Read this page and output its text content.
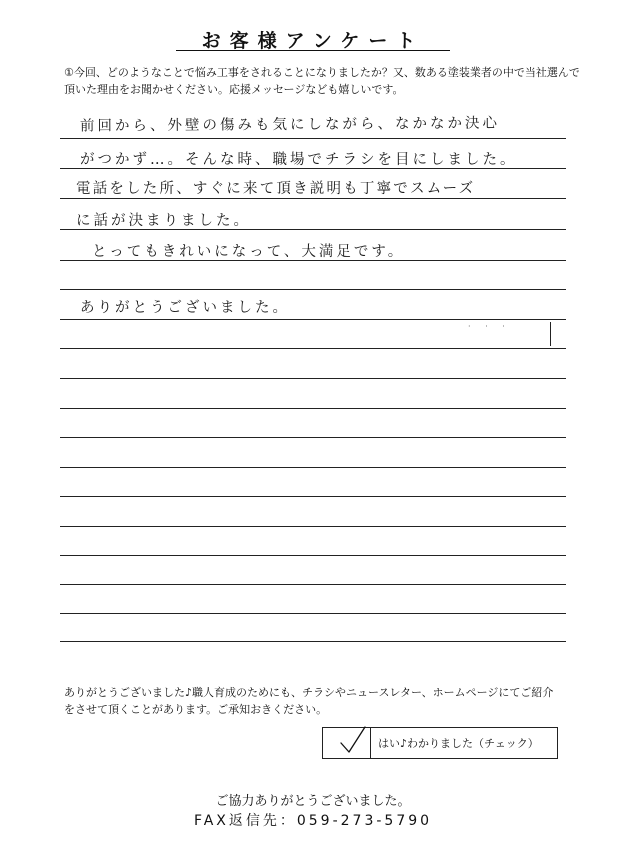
お客様アンケート
①今回、どのようなことで悩み工事をされることになりましたか？又、数ある塗装業者の中で当社選んで頂いた理由をお聞かせください。応援メッセージなども嬉しいです。
前回から、外壁の傷みも気にしながら、なかなか決心
がつかず…。そんな時、職場でチラシを目にしました。
電話をした所、すぐに来て頂き説明も丁寧でスムーズ
に話が決まりました。
とってもきれいになって、大満足です。
ありがとうございました。
· · ·
ありがとうございました♪職人育成のためにも、チラシやニュースレター、ホームページにてご紹介をさせて頂くことがあります。ご承知おきください。
はい♪わかりました（チェック）
ご協力ありがとうございました。
FAX返信先：059-273-5790
